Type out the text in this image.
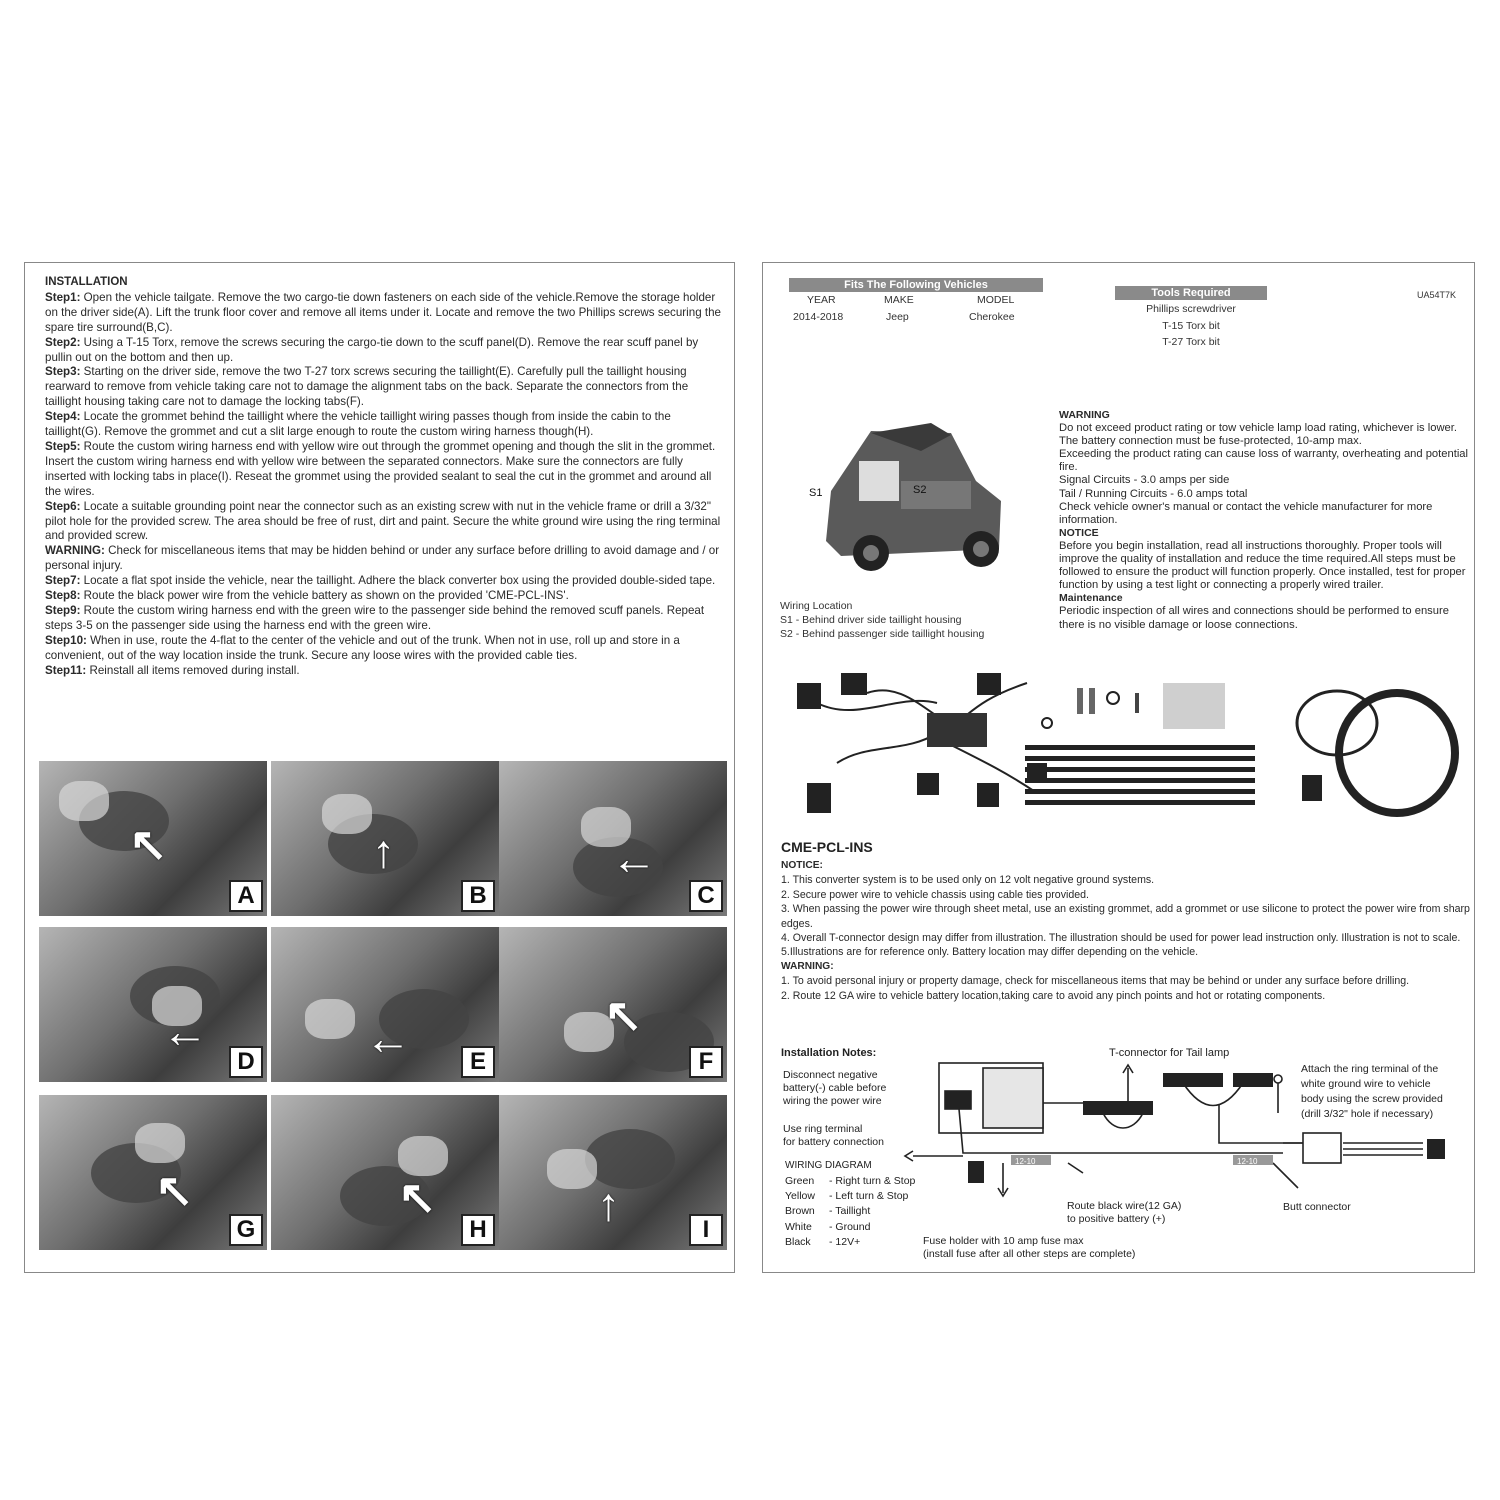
INSTALLATION

Step1: Open the vehicle tailgate. Remove the two cargo-tie down fasteners on each side of the vehicle.Remove the storage holder on the driver side(A). Lift the trunk floor cover and remove all items under it. Locate and remove the two Phillips screws securing the spare tire surround(B,C).

Step2: Using a T-15 Torx, remove the screws securing the cargo-tie down to the scuff panel(D). Remove the rear scuff panel by pullin out on the bottom and then up.

Step3: Starting on the driver side, remove the two T-27 torx screws securing the taillight(E). Carefully pull the taillight housing rearward to remove from vehicle taking care not to damage the alignment tabs on the back. Separate the connectors from the taillight housing taking care not to damage the locking tabs(F).

Step4: Locate the grommet behind the taillight where the vehicle taillight wiring passes though from inside the cabin to the taillight(G). Remove the grommet and cut a slit large enough to route the custom wiring harness though(H).

Step5: Route the custom wiring harness end with yellow wire out through the grommet opening and though the slit in the grommet. Insert the custom wiring harness end with yellow wire between the separated connectors. Make sure the connectors are fully inserted with locking tabs in place(I). Reseat the grommet using the provided sealant to seal the cut in the grommet and around all the wires.

Step6: Locate a suitable grounding point near the connector such as an existing screw with nut in the vehicle frame or drill a 3/32" pilot hole for the provided screw. The area should be free of rust, dirt and paint. Secure the white ground wire using the ring terminal and provided screw.

WARNING: Check for miscellaneous items that may be hidden behind or under any surface before drilling to avoid damage and / or personal injury.

Step7: Locate a flat spot inside the vehicle, near the taillight. Adhere the black converter box using the provided double-sided tape.

Step8: Route the black power wire from the vehicle battery as shown on the provided 'CME-PCL-INS'.

Step9: Route the custom wiring harness end with the green wire to the passenger side behind the removed scuff panels. Repeat steps 3-5 on the passenger side using the harness end with the green wire.

Step10: When in use, route the 4-flat to the center of the vehicle and out of the trunk. When not in use, roll up and store in a convenient, out of the way location inside the trunk. Secure any loose wires with the provided cable ties.

Step11: Reinstall all items removed during install.

↖
A
↑
B
←
C
←
D ←	E
↖
F
↖
G
↖
H ↑	I
Fits The Following Vehicles
YEAR	MAKE	MODEL
2014-2018	Jeep	Cherokee
Tools Required
Phillips screwdriver
T-15 Torx bit
T-27 Torx bit
UA54T7K
S1	S2
Wiring Location
S1 - Behind driver side taillight housing
S2 - Behind passenger side taillight housing
WARNING

Do not exceed product rating or tow vehicle lamp load rating, whichever is lower. The battery connection must be fuse-protected, 10-amp max.

Exceeding the product rating can cause loss of warranty, overheating and potential fire.

Signal Circuits - 3.0 amps per side

Tail / Running Circuits - 6.0 amps total

Check vehicle owner's manual or contact the vehicle manufacturer for more information.

NOTICE

Before you begin installation, read all instructions thoroughly. Proper tools will improve the quality of installation and reduce the time required.All steps must be followed to ensure the product will function properly. Once installed, test for proper function by using a test light or connecting a properly wired trailer.

Maintenance

Periodic inspection of all wires and connections should be performed to ensure there is no visible damage or loose connections.

CME-PCL-INS

NOTICE:

1. This converter system is to be used only on 12 volt negative ground systems.

2. Secure power wire to vehicle chassis using cable ties provided.

3. When passing the power wire through sheet metal, use an existing grommet, add a grommet or use silicone to protect the power wire from sharp edges.

4. Overall T-connector design may differ from illustration. The illustration should be used for power lead instruction only. Illustration is not to scale.

5.Illustrations are for reference only. Battery location may differ depending on the vehicle.

WARNING:

1. To avoid personal injury or property damage, check for miscellaneous items that may be behind or under any surface before drilling.

2. Route 12 GA wire to vehicle battery location,taking care to avoid any pinch points and hot or rotating components.

Installation Notes:	T-connector for Tail lamp
Disconnect negative
battery(-) cable before
wiring the power wire
Use ring terminal
for battery connection
Attach the ring terminal of the
white ground wire to vehicle
body using the screw provided
(drill 3/32" hole if necessary)
WIRING DIAGRAM
Green - Right turn & Stop
Yellow - Left turn & Stop
Brown - Taillight
White - Ground
Black - 12V+
12-10	12-10
Route black wire(12 GA)
to positive battery (+)
Butt connector
Fuse holder with 10 amp fuse max
(install fuse after all other steps are complete)
